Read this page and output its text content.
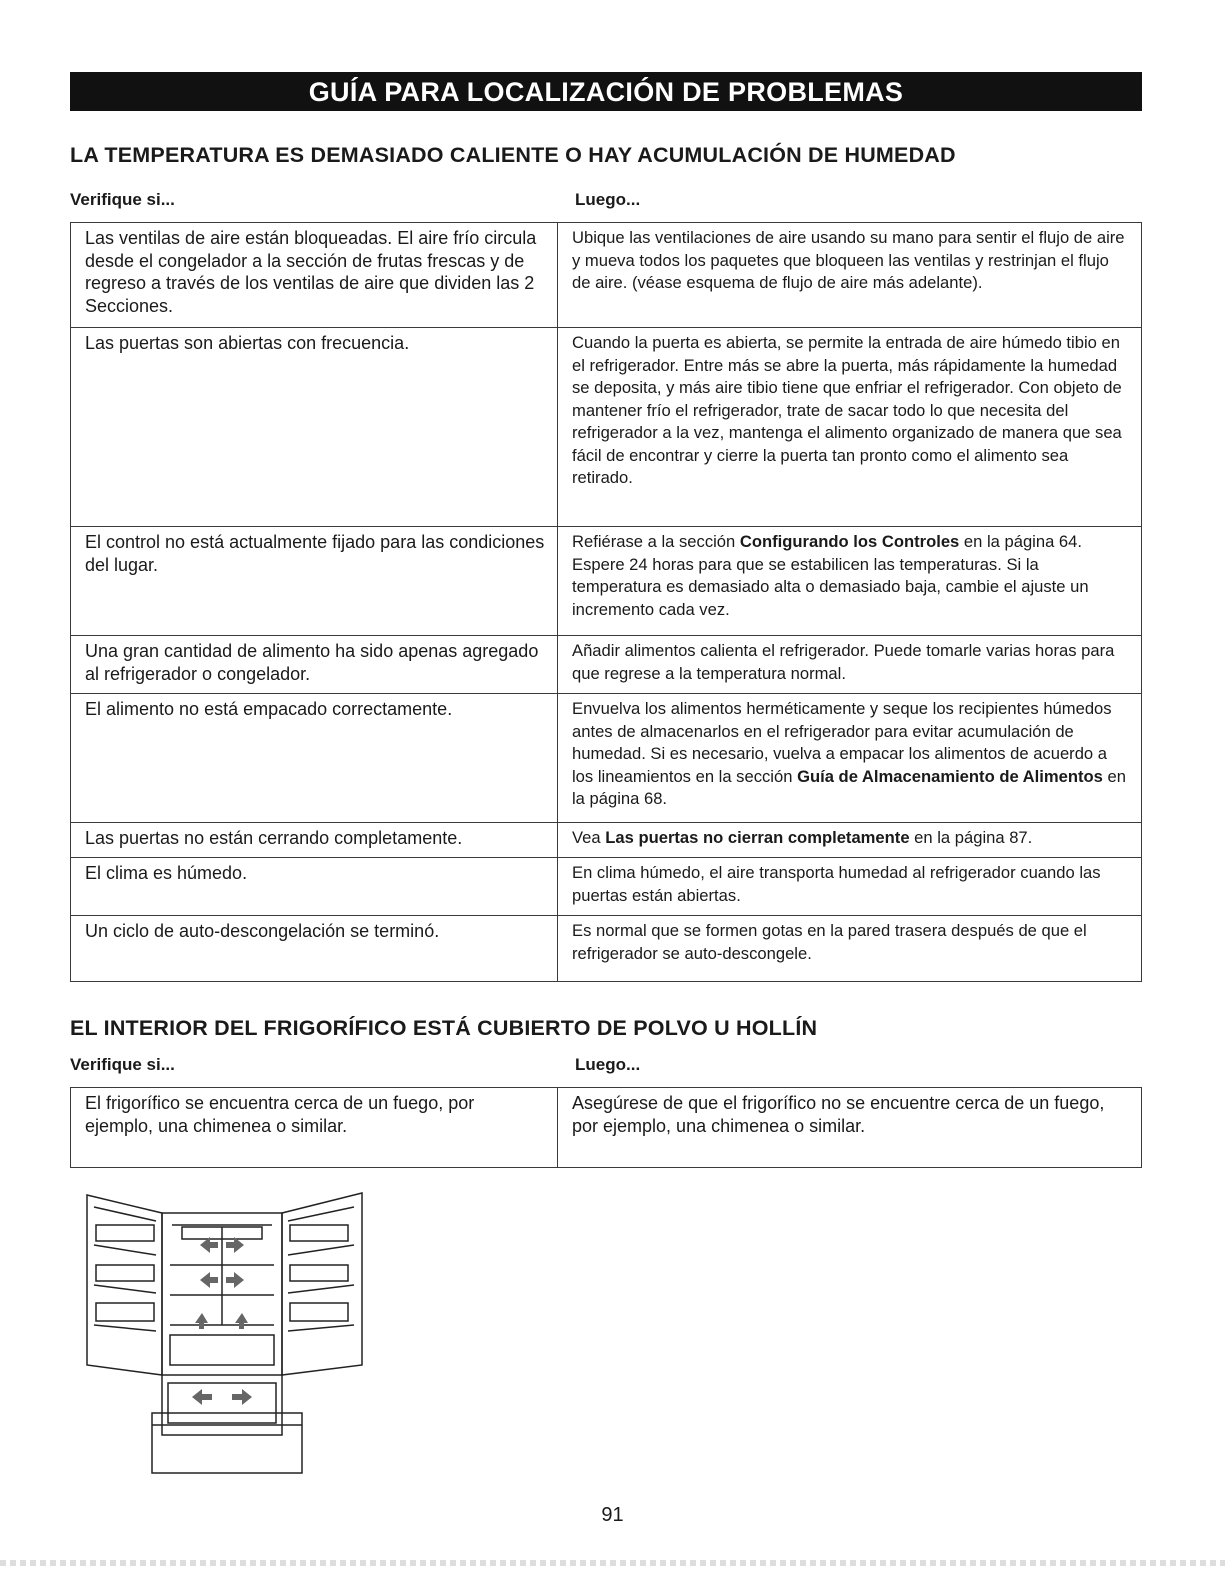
GUÍA PARA LOCALIZACIÓN DE PROBLEMAS
LA TEMPERATURA ES DEMASIADO CALIENTE O HAY ACUMULACIÓN DE HUMEDAD
Verifique si...	Luego...
Las ventilas de aire están bloqueadas. El aire frío circula desde el congelador a la sección de frutas frescas y de regreso a través de los ventilas de aire que dividen las 2 Secciones.	Ubique las ventilaciones de aire usando su mano para sentir el flujo de aire y mueva todos los paquetes que bloqueen las ventilas y restrinjan el flujo de aire. (véase esquema de flujo de aire más adelante).
Las puertas son abiertas con frecuencia.	Cuando la puerta es abierta, se permite la entrada de aire húmedo tibio en el refrigerador. Entre más se abre la puerta, más rápidamente la humedad se deposita, y más aire tibio tiene que enfriar el refrigerador. Con objeto de mantener frío el refrigerador, trate de sacar todo lo que necesita del refrigerador a la vez, mantenga el alimento organizado de manera que sea fácil de encontrar y cierre la puerta tan pronto como el alimento sea retirado.
El control no está actualmente fijado para las condiciones del lugar.	Refiérase a la sección Configurando los Controles en la página 64. Espere 24 horas para que se estabilicen las temperaturas. Si la temperatura es demasiado alta o demasiado baja, cambie el ajuste un incremento cada vez.
Una gran cantidad de alimento ha sido apenas agregado al refrigerador o congelador.	Añadir alimentos calienta el refrigerador. Puede tomarle varias horas para que regrese a la temperatura normal.
El alimento no está empacado correctamente.	Envuelva los alimentos herméticamente y seque los recipientes húmedos antes de almacenarlos en el refrigerador para evitar acumulación de humedad. Si es necesario, vuelva a empacar los alimentos de acuerdo a los lineamientos en la sección Guía de Almacenamiento de Alimentos en la página 68.
Las puertas no están cerrando completamente.	Vea Las puertas no cierran completamente en la página 87.
El clima es húmedo.	En clima húmedo, el aire transporta humedad al refrigerador cuando las puertas están abiertas.
Un ciclo de auto-descongelación se terminó.	Es normal que se formen gotas en la pared trasera después de que el refrigerador se auto-descongele.
EL INTERIOR DEL FRIGORÍFICO ESTÁ CUBIERTO DE POLVO U HOLLÍN
Verifique si...	Luego...
El frigorífico se encuentra cerca de un fuego, por ejemplo, una chimenea o similar.	Asegúrese de que el frigorífico no se encuentre cerca de un fuego, por ejemplo, una chimenea o similar.
91
